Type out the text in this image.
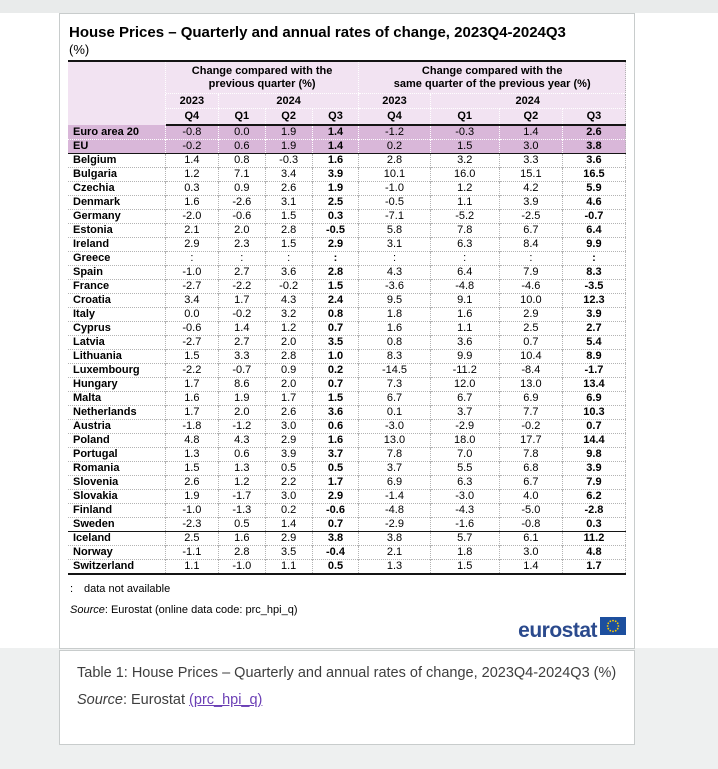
House Prices – Quarterly and annual rates of change, 2023Q4-2024Q3
(%)

	Change compared with the
previous quarter (%)				Change compared with the
same quarter of the previous year (%)			

	2023	2024			2023	2024		
	Q4	Q1	Q2	Q3	Q4	Q1	Q2	Q3
Euro area 20	-0.8	0.0	1.9	1.4	-1.2	-0.3	1.4	2.6
EU	-0.2	0.6	1.9	1.4	0.2	1.5	3.0	3.8
Belgium	1.4	0.8	-0.3	1.6	2.8	3.2	3.3	3.6
Bulgaria	1.2	7.1	3.4	3.9	10.1	16.0	15.1	16.5
Czechia	0.3	0.9	2.6	1.9	-1.0	1.2	4.2	5.9
Denmark	1.6	-2.6	3.1	2.5	-0.5	1.1	3.9	4.6
Germany	-2.0	-0.6	1.5	0.3	-7.1	-5.2	-2.5	-0.7
Estonia	2.1	2.0	2.8	-0.5	5.8	7.8	6.7	6.4
Ireland	2.9	2.3	1.5	2.9	3.1	6.3	8.4	9.9
Greece	:	:	:	:	:	:	:	:
Spain	-1.0	2.7	3.6	2.8	4.3	6.4	7.9	8.3
France	-2.7	-2.2	-0.2	1.5	-3.6	-4.8	-4.6	-3.5
Croatia	3.4	1.7	4.3	2.4	9.5	9.1	10.0	12.3
Italy	0.0	-0.2	3.2	0.8	1.8	1.6	2.9	3.9
Cyprus	-0.6	1.4	1.2	0.7	1.6	1.1	2.5	2.7
Latvia	-2.7	2.7	2.0	3.5	0.8	3.6	0.7	5.4
Lithuania	1.5	3.3	2.8	1.0	8.3	9.9	10.4	8.9
Luxembourg	-2.2	-0.7	0.9	0.2	-14.5	-11.2	-8.4	-1.7
Hungary	1.7	8.6	2.0	0.7	7.3	12.0	13.0	13.4
Malta	1.6	1.9	1.7	1.5	6.7	6.7	6.9	6.9
Netherlands	1.7	2.0	2.6	3.6	0.1	3.7	7.7	10.3
Austria	-1.8	-1.2	3.0	0.6	-3.0	-2.9	-0.2	0.7
Poland	4.8	4.3	2.9	1.6	13.0	18.0	17.7	14.4
Portugal	1.3	0.6	3.9	3.7	7.8	7.0	7.8	9.8
Romania	1.5	1.3	0.5	0.5	3.7	5.5	6.8	3.9
Slovenia	2.6	1.2	2.2	1.7	6.9	6.3	6.7	7.9
Slovakia	1.9	-1.7	3.0	2.9	-1.4	-3.0	4.0	6.2
Finland	-1.0	-1.3	0.2	-0.6	-4.8	-4.3	-5.0	-2.8
Sweden	-2.3	0.5	1.4	0.7	-2.9	-1.6	-0.8	0.3
Iceland	2.5	1.6	2.9	3.8	3.8	5.7	6.1	11.2
Norway	-1.1	2.8	3.5	-0.4	2.1	1.8	3.0	4.8
Switzerland	1.1	-1.0	1.1	0.5	1.3	1.5	1.4	1.7
: data not available
Source: Eurostat (online data code: prc_hpi_q)
eurostat

Table 1: House Prices – Quarterly and annual rates of change, 2023Q4-2024Q3 (%)

Source: Eurostat (prc_hpi_q)
